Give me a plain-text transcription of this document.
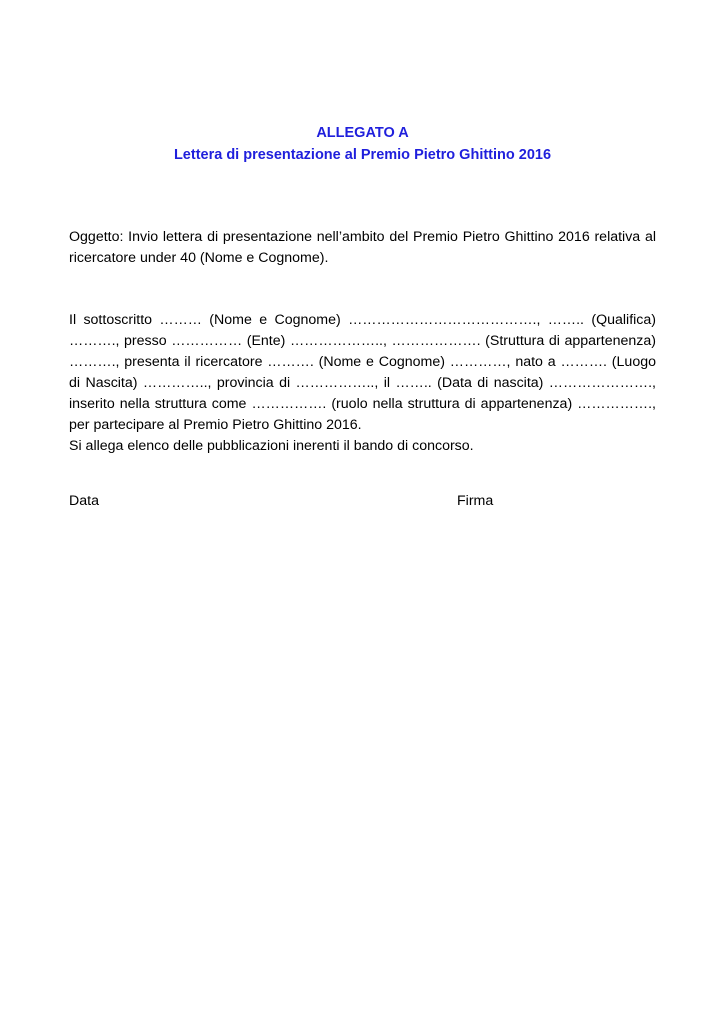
ALLEGATO A
Lettera di presentazione al Premio Pietro Ghittino 2016
Oggetto: Invio lettera di presentazione nell’ambito del Premio Pietro Ghittino 2016 relativa al ricercatore under 40 (Nome e Cognome).

Il sottoscritto ……… (Nome e Cognome) …………………………………., …….. (Qualifica) ………., presso …………… (Ente) ……………….., ………………. (Struttura di appartenenza) ………., presenta il ricercatore ………. (Nome e Cognome) …………, nato a ………. (Luogo di Nascita) ………….., provincia di …………….., il …….. (Data di nascita) …………………., inserito nella struttura come ……………. (ruolo nella struttura di appartenenza) ……………., per partecipare al Premio Pietro Ghittino 2016.

Si allega elenco delle pubblicazioni inerenti il bando di concorso.

Data	Firma
